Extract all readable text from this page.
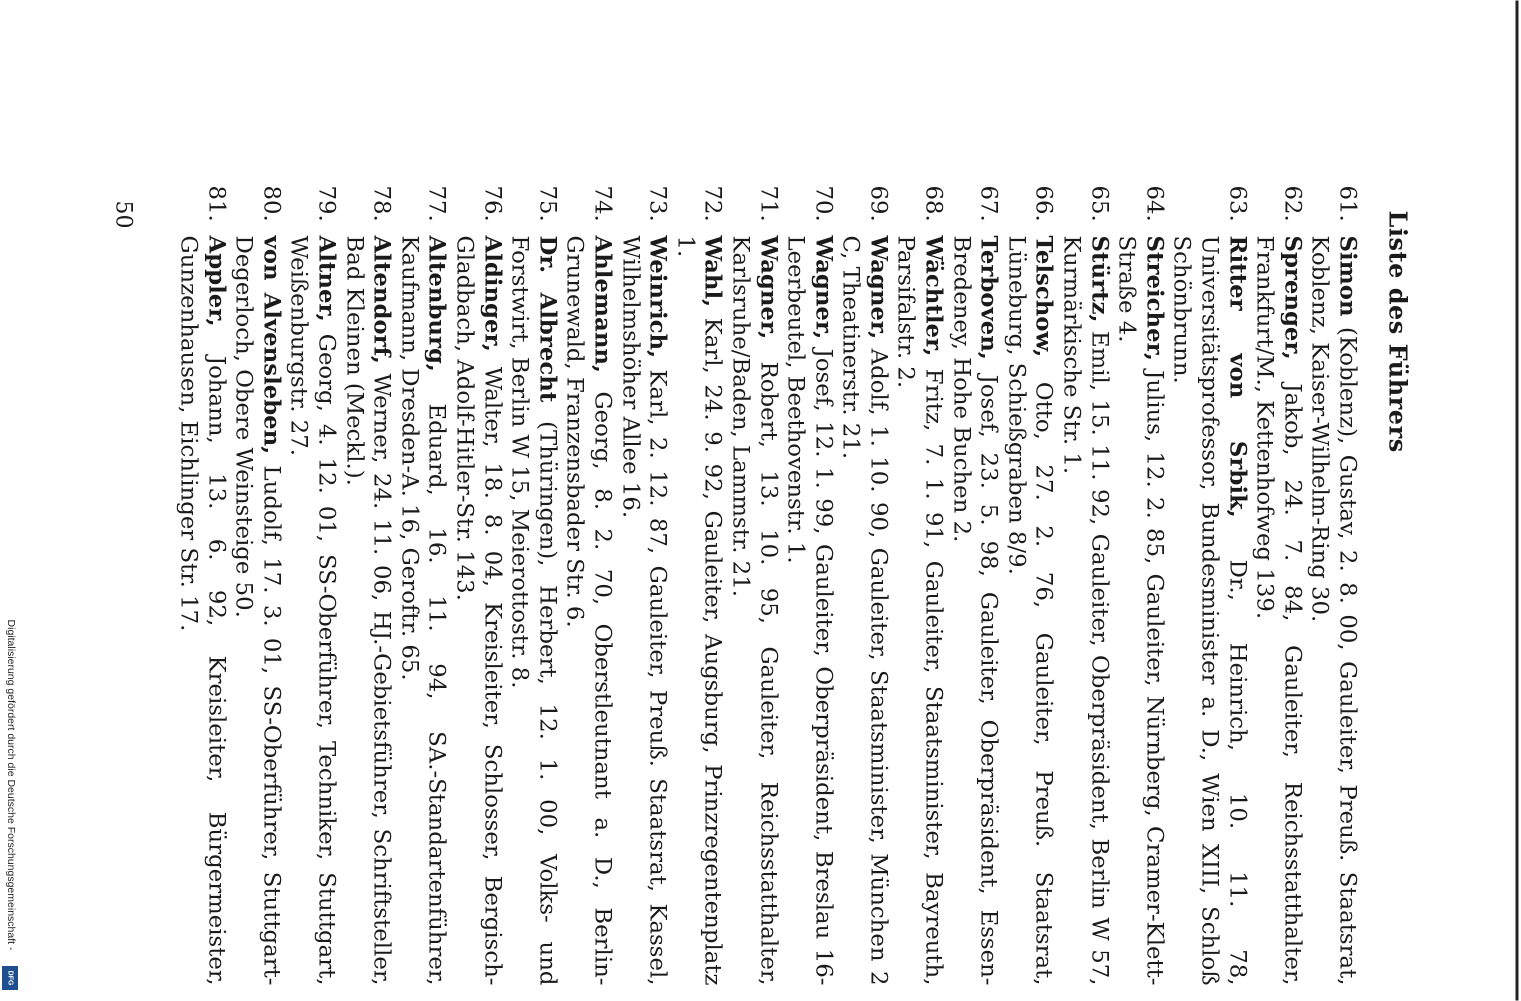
Liste des Führers

61.
Simon (Koblenz), Gustav, 2. 8. 00, Gauleiter, Preuß. Staatsrat, Koblenz, Kaiser-Wilhelm-Ring 30.

62.
Sprenger, Jakob, 24. 7. 84, Gauleiter, Reichsstatthalter, Frankfurt/M., Kettenhofweg 139.

63.
Ritter von Srbik, Dr., Heinrich, 10. 11. 78, Universitätsprofessor, Bundesminister a. D., Wien XIII, Schloß Schönbrunn.

64.
Streicher, Julius, 12. 2. 85, Gauleiter, Nürnberg, Cramer-Klett-Straße 4.

65.
Stürtz, Emil, 15. 11. 92, Gauleiter, Oberpräsident, Berlin W 57, Kurmärkische Str. 1.

66.
Telschow, Otto, 27. 2. 76, Gauleiter, Preuß. Staatsrat, Lüneburg, Schießgraben 8/9.

67.
Terboven, Josef, 23. 5. 98, Gauleiter, Oberpräsident, Essen-Bredeney, Hohe Buchen 2.

68.
Wächtler, Fritz, 7. 1. 91, Gauleiter, Staatsminister, Bayreuth, Parsifalstr. 2.

69.
Wagner, Adolf, 1. 10. 90, Gauleiter, Staatsminister, München 2 C, Theatinerstr. 21.

70.
Wagner, Josef, 12. 1. 99, Gauleiter, Oberpräsident, Breslau 16-Leerbeutel, Beethovenstr. 1.

71.
Wagner, Robert, 13. 10. 95, Gauleiter, Reichsstatthalter, Karlsruhe/Baden, Lammstr. 21.

72.
Wahl, Karl, 24. 9. 92, Gauleiter, Augsburg, Prinzregentenplatz 1.

73.
Weinrich, Karl, 2. 12. 87, Gauleiter, Preuß. Staatsrat, Kassel, Wilhelmshöher Allee 16.

74.
Ahlemann, Georg, 8. 2. 70, Oberstleutnant a. D., Berlin-Grunewald, Franzensbader Str. 6.

75.
Dr. Albrecht (Thüringen), Herbert, 12. 1. 00, Volks- und Forstwirt, Berlin W 15, Meierottostr. 8.

76.
Aldinger, Walter, 18. 8. 04, Kreisleiter, Schlosser, Bergisch-Gladbach, Adolf-Hitler-Str. 143.

77.
Altenburg, Eduard, 16. 11. 94, SA.-Standartenführer, Kaufmann, Dresden-A. 16, Geroftr. 65.

78.
Altendorf, Werner, 24. 11. 06, HJ.-Gebietsführer, Schriftsteller, Bad Kleinen (Meckl.).

79.
Altner, Georg, 4. 12. 01, SS-Oberführer, Techniker, Stuttgart, Weißenburgstr. 27.

80.
von Alvensleben, Ludolf, 17. 3. 01, SS-Oberführer, Stuttgart-Degerloch, Obere Weinsteige 50.

81.
Appler, Johann, 13. 6. 92, Kreisleiter, Bürgermeister, Gunzenhausen, Eichlinger Str. 17.

50
Digitalisierung gefördert durch die Deutsche Forschungsgemeinschaft -
DFG
